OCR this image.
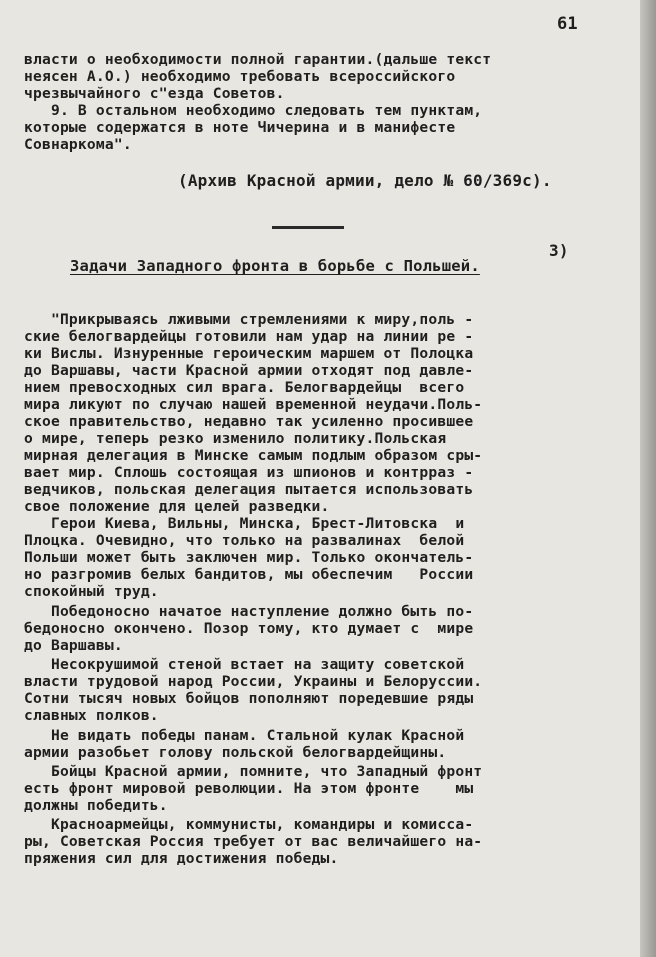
61
власти о необходимости полной гарантии.(дальше текст
неясен А.О.) необходимо требовать всероссийского
чрезвычайного с"езда Советов.
9. В остальном необходимо следовать тем пунктам,
которые содержатся в ноте Чичерина и в манифесте
Совнаркома".
(Архив Красной армии, дело № 60/369с).
3)
Задачи Западного фронта в борьбе с Польшей.
"Прикрываясь лживыми стремлениями к миру,поль -
ские белогвардейцы готовили нам удар на линии ре -
ки Вислы. Изнуренные героическим маршем от Полоцка
до Варшавы, части Красной армии отходят под давле-
нием превосходных сил врага. Белогвардейцы  всего
мира ликуют по случаю нашей временной неудачи.Поль-
ское правительство, недавно так усиленно просившее
о мире, теперь резко изменило политику.Польская
мирная делегация в Минске самым подлым образом сры-
вает мир. Сплошь состоящая из шпионов и контрраз -
ведчиков, польская делегация пытается использовать
свое положение для целей разведки.
Герои Киева, Вильны, Минска, Брест-Литовска  и
Плоцка. Очевидно, что только на развалинах  белой
Польши может быть заключен мир. Только окончатель-
но разгромив белых бандитов, мы обеспечим   России
спокойный труд.
Победоносно начатое наступление должно быть по-
бедоносно окончено. Позор тому, кто думает с  мире
до Варшавы.
Несокрушимой стеной встает на защиту советской
власти трудовой народ России, Украины и Белоруссии.
Сотни тысяч новых бойцов пополняют поредевшие ряды
славных полков.
Не видать победы панам. Стальной кулак Красной
армии разобьет голову польской белогвардейщины.
Бойцы Красной армии, помните, что Западный фронт
есть фронт мировой революции. На этом фронте    мы
должны победить.
Красноармейцы, коммунисты, командиры и комиссa-
ры, Советская Россия требует от вас величайшего на-
пряжения сил для достижения победы.
